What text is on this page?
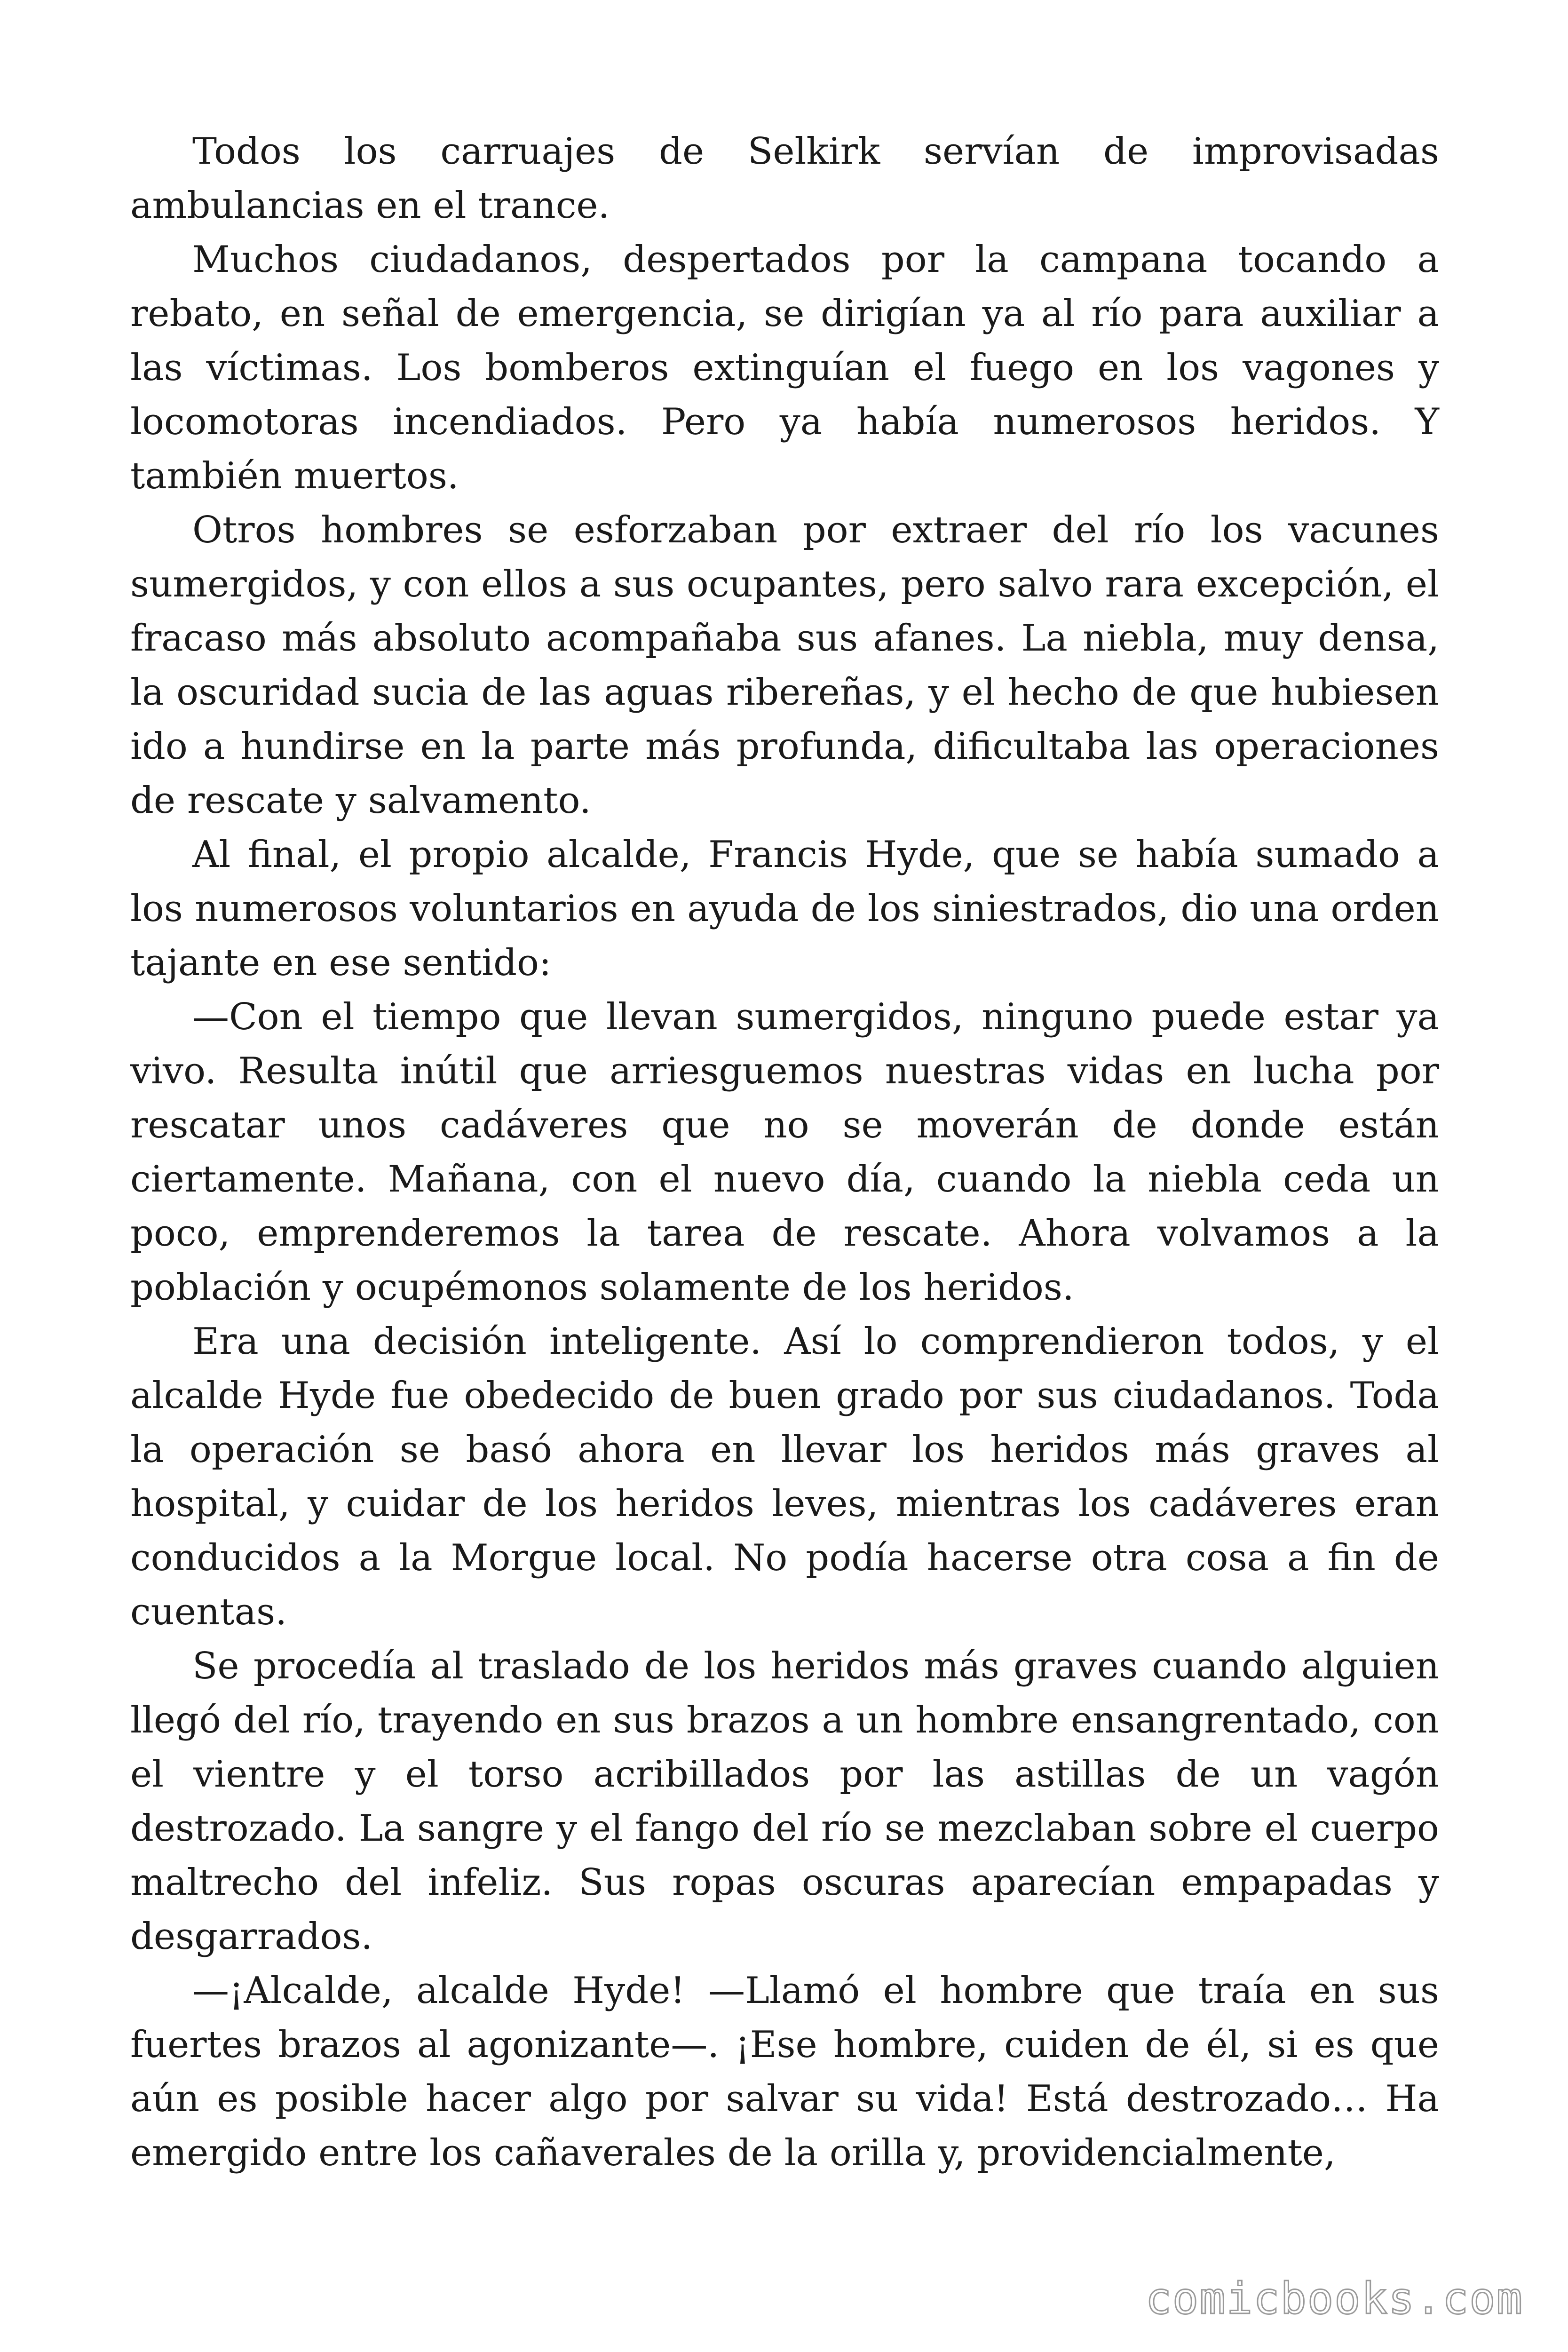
Todos los carruajes de Selkirk servían de improvisadas ambulancias en el trance.

Muchos ciudadanos, despertados por la campana tocando a rebato, en señal de emergencia, se dirigían ya al río para auxiliar a las víctimas. Los bomberos extinguían el fuego en los vagones y locomotoras incendiados. Pero ya había numerosos heridos. Y también muertos.

Otros hombres se esforzaban por extraer del río los vacunes sumergidos, y con ellos a sus ocupantes, pero salvo rara excepción, el fracaso más absoluto acompañaba sus afanes. La niebla, muy densa, la oscuridad sucia de las aguas ribereñas, y el hecho de que hubiesen ido a hundirse en la parte más profunda, dificultaba las operaciones de rescate y salvamento.

Al final, el propio alcalde, Francis Hyde, que se había sumado a los numerosos voluntarios en ayuda de los siniestrados, dio una orden tajante en ese sentido:

—Con el tiempo que llevan sumergidos, ninguno puede estar ya vivo. Resulta inútil que arriesguemos nuestras vidas en lucha por rescatar unos cadáveres que no se moverán de donde están ciertamente. Mañana, con el nuevo día, cuando la niebla ceda un poco, emprenderemos la tarea de rescate. Ahora volvamos a la población y ocupémonos solamente de los heridos.

Era una decisión inteligente. Así lo comprendieron todos, y el alcalde Hyde fue obedecido de buen grado por sus ciudadanos. Toda la operación se basó ahora en llevar los heridos más graves al hospital, y cuidar de los heridos leves, mientras los cadáveres eran conducidos a la Morgue local. No podía hacerse otra cosa a fin de cuentas.

Se procedía al traslado de los heridos más graves cuando alguien llegó del río, trayendo en sus brazos a un hombre ensangrentado, con el vientre y el torso acribillados por las astillas de un vagón destrozado. La sangre y el fango del río se mezclaban sobre el cuerpo maltrecho del infeliz. Sus ropas oscuras aparecían empapadas y desgarrados.

—¡Alcalde, alcalde Hyde! —Llamó el hombre que traía en sus fuertes brazos al agonizante—. ¡Ese hombre, cuiden de él, si es que aún es posible hacer algo por salvar su vida! Está destrozado… Ha emergido entre los cañaverales de la orilla y, providencialmente,

comicbooks.com
